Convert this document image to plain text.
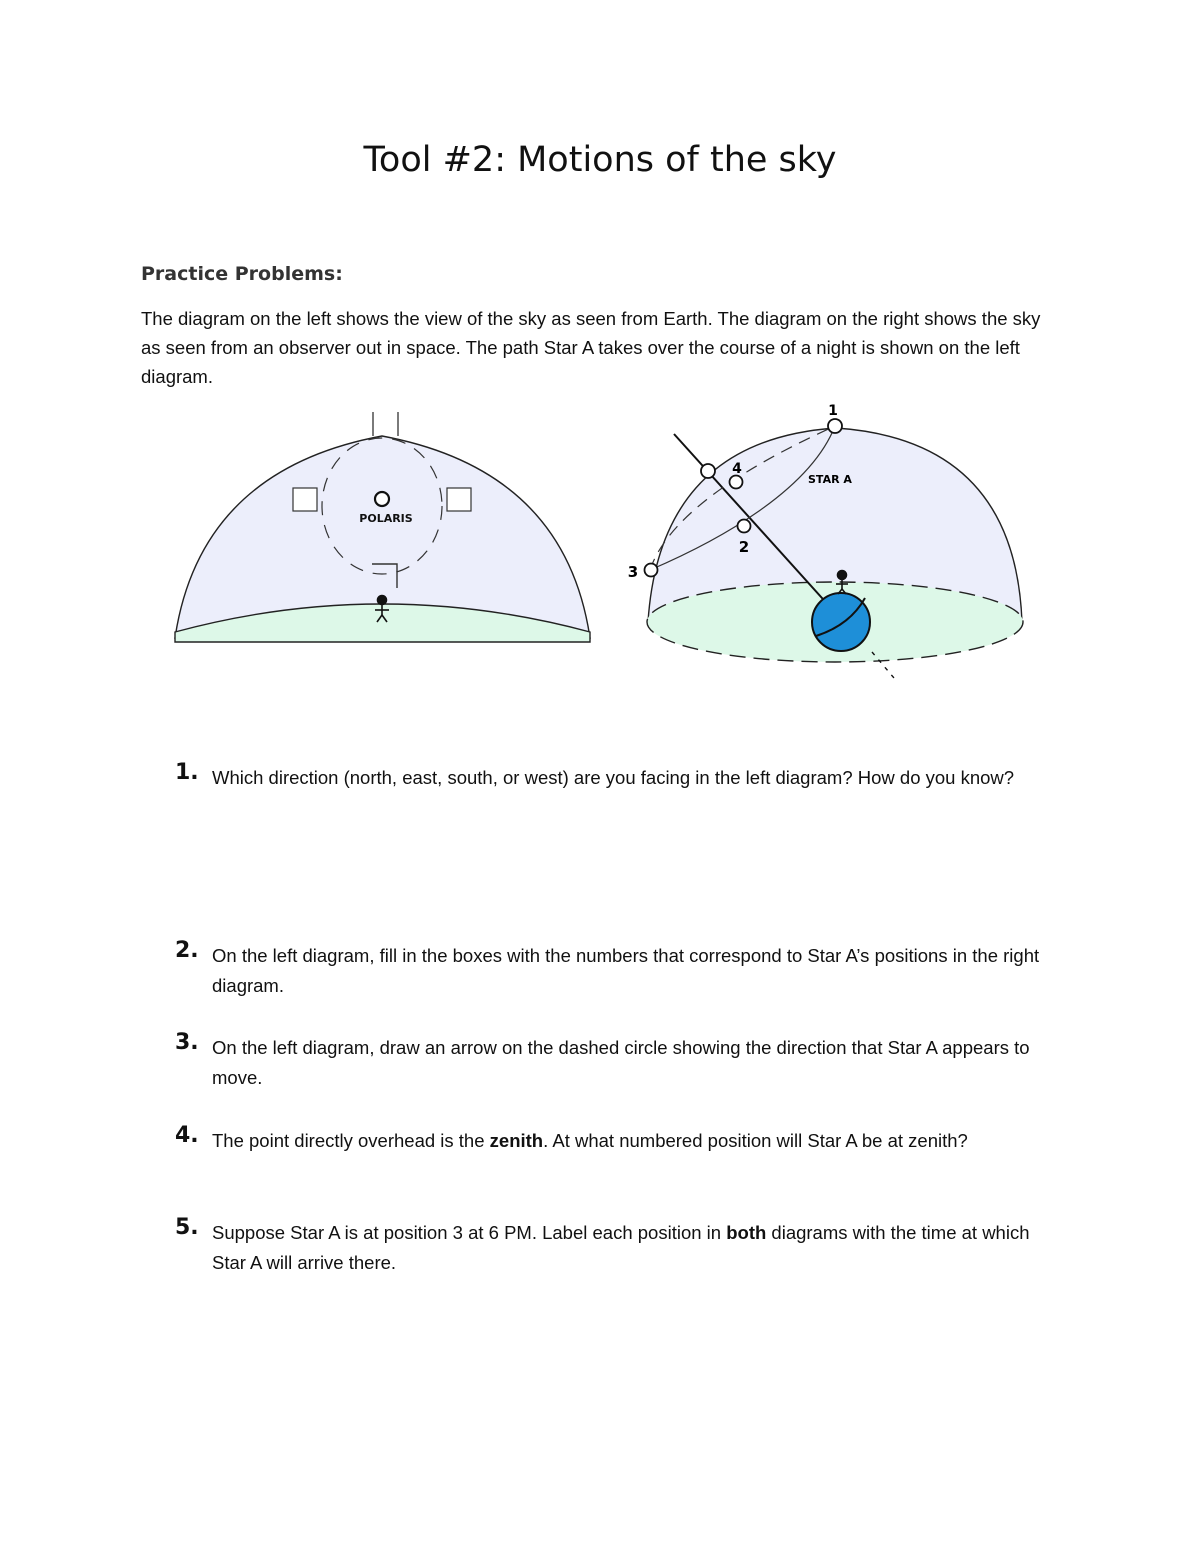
Tool #2: Motions of the sky
Practice Problems:

The diagram on the left shows the view of the sky as seen from Earth. The diagram on the right shows the sky as seen from an observer out in space. The path Star A takes over the course of a night is shown on the left diagram.

POLARIS
1
2
3
4
STAR A
1. Which direction (north, east, south, or west) are you facing in the left diagram? How do you know?
2. On the left diagram, fill in the boxes with the numbers that correspond to Star A’s positions in the right diagram.
3. On the left diagram, draw an arrow on the dashed circle showing the direction that Star A appears to move.
4. The point directly overhead is the zenith. At what numbered position will Star A be at zenith?
5. Suppose Star A is at position 3 at 6 PM. Label each position in both diagrams with the time at which Star A will arrive there.
